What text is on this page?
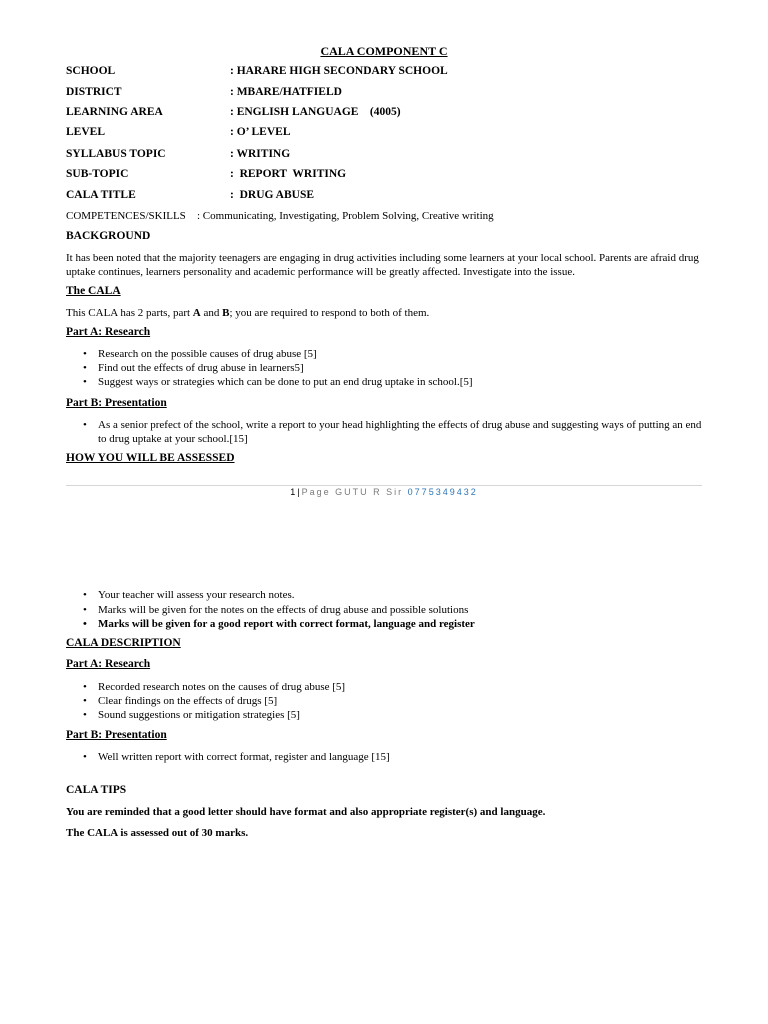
CALA COMPONENT C
SCHOOL	: HARARE HIGH SECONDARY SCHOOL
DISTRICT	: MBARE/HATFIELD
LEARNING AREA	: ENGLISH LANGUAGE    (4005)
LEVEL	: O’ LEVEL
SYLLABUS TOPIC	: WRITING
SUB-TOPIC	:  REPORT  WRITING
CALA TITLE	:  DRUG ABUSE
COMPETENCES/SKILLS : Communicating, Investigating, Problem Solving, Creative writing
BACKGROUND
It has been noted that the majority teenagers are engaging in drug activities including some learners at your local school. Parents are afraid drug uptake continues, learners personality and academic performance will be greatly affected. Investigate into the issue.
The CALA
This CALA has 2 parts, part A and B; you are required to respond to both of them.
Part A: Research
• Research on the possible causes of drug abuse [5]
• Find out the effects of drug abuse in learners5]
• Suggest ways or strategies which can be done to put an end drug uptake in school.[5]
Part B: Presentation
• As a senior prefect of the school, write a report to your head highlighting the effects of drug abuse and suggesting ways of putting an end to drug uptake at your school.[15]
HOW YOU WILL BE ASSESSED
1|Page GUTU R Sir 0775349432
• Your teacher will assess your research notes.
• Marks will be given for the notes on the effects of drug abuse and possible solutions
• Marks will be given for a good report with correct format, language and register
CALA DESCRIPTION
Part A: Research
• Recorded research notes on the causes of drug abuse [5]
• Clear findings on the effects of drugs [5]
• Sound suggestions or mitigation strategies [5]
Part B: Presentation
• Well written report with correct format, register and language [15]
CALA TIPS
You are reminded that a good letter should have format and also appropriate register(s) and language.
The CALA is assessed out of 30 marks.
